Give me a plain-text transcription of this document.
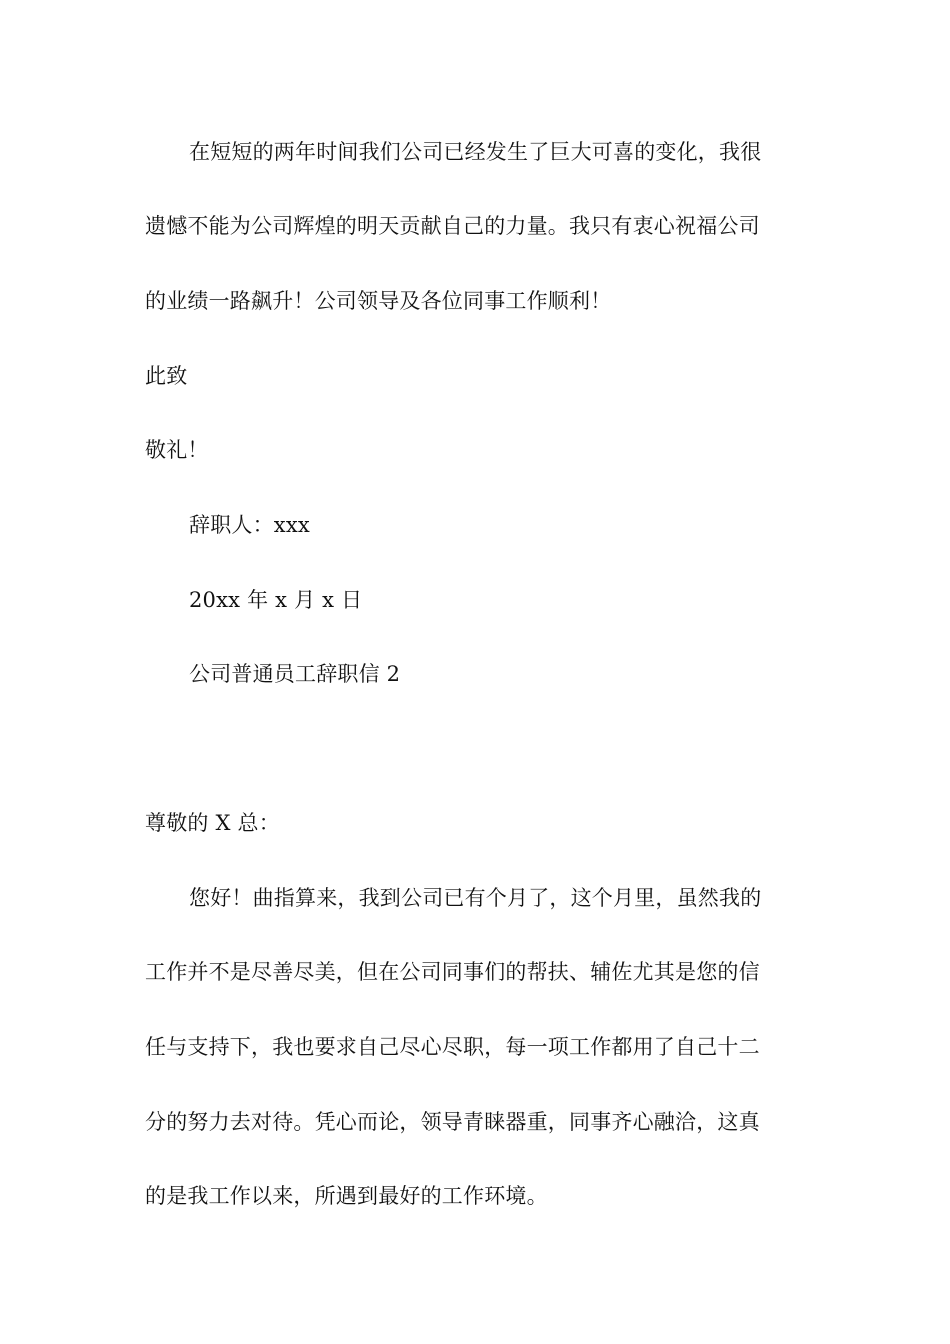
在短短的两年时间我们公司已经发生了巨大可喜的变化，我很
遗憾不能为公司辉煌的明天贡献自己的力量。我只有衷心祝福公司
的业绩一路飙升！公司领导及各位同事工作顺利！
此致
敬礼！
辞职人：xxx
20xx 年 x 月 x 日
公司普通员工辞职信 2
尊敬的 X 总：
您好！曲指算来，我到公司已有个月了，这个月里，虽然我的
工作并不是尽善尽美，但在公司同事们的帮扶、辅佐尤其是您的信
任与支持下，我也要求自己尽心尽职，每一项工作都用了自己十二
分的努力去对待。凭心而论，领导青睐器重，同事齐心融洽，这真
的是我工作以来，所遇到最好的工作环境。
